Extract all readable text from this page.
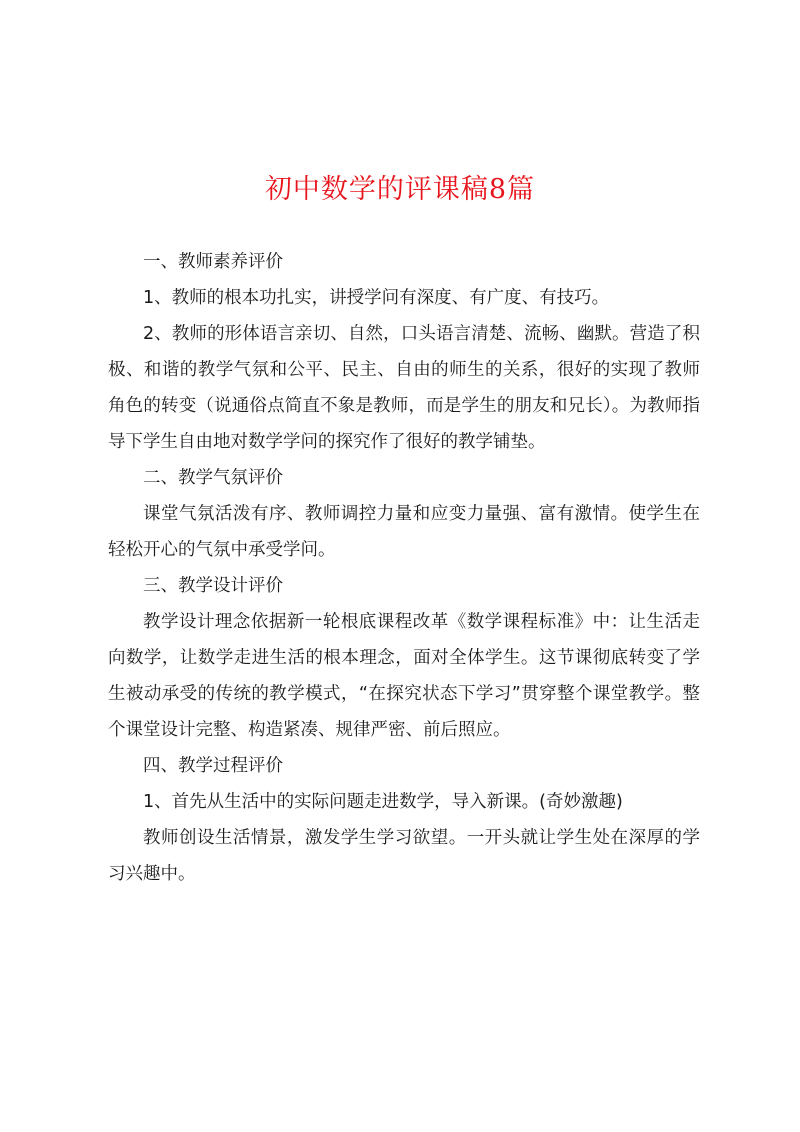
初中数学的评课稿8篇

一、教师素养评价

1、教师的根本功扎实，讲授学问有深度、有广度、有技巧。

2、教师的形体语言亲切、自然，口头语言清楚、流畅、幽默。营造了积极、和谐的教学气氛和公平、民主、自由的师生的关系，很好的实现了教师角色的转变（说通俗点简直不象是教师，而是学生的朋友和兄长）。为教师指导下学生自由地对数学学问的探究作了很好的教学铺垫。

二、教学气氛评价

课堂气氛活泼有序、教师调控力量和应变力量强、富有激情。使学生在轻松开心的气氛中承受学问。

三、教学设计评价

教学设计理念依据新一轮根底课程改革《数学课程标准》中：让生活走向数学，让数学走进生活的根本理念，面对全体学生。这节课彻底转变了学生被动承受的传统的教学模式，“在探究状态下学习”贯穿整个课堂教学。整个课堂设计完整、构造紧凑、规律严密、前后照应。

四、教学过程评价

1、首先从生活中的实际问题走进数学，导入新课。(奇妙激趣)

教师创设生活情景，激发学生学习欲望。一开头就让学生处在深厚的学习兴趣中。
